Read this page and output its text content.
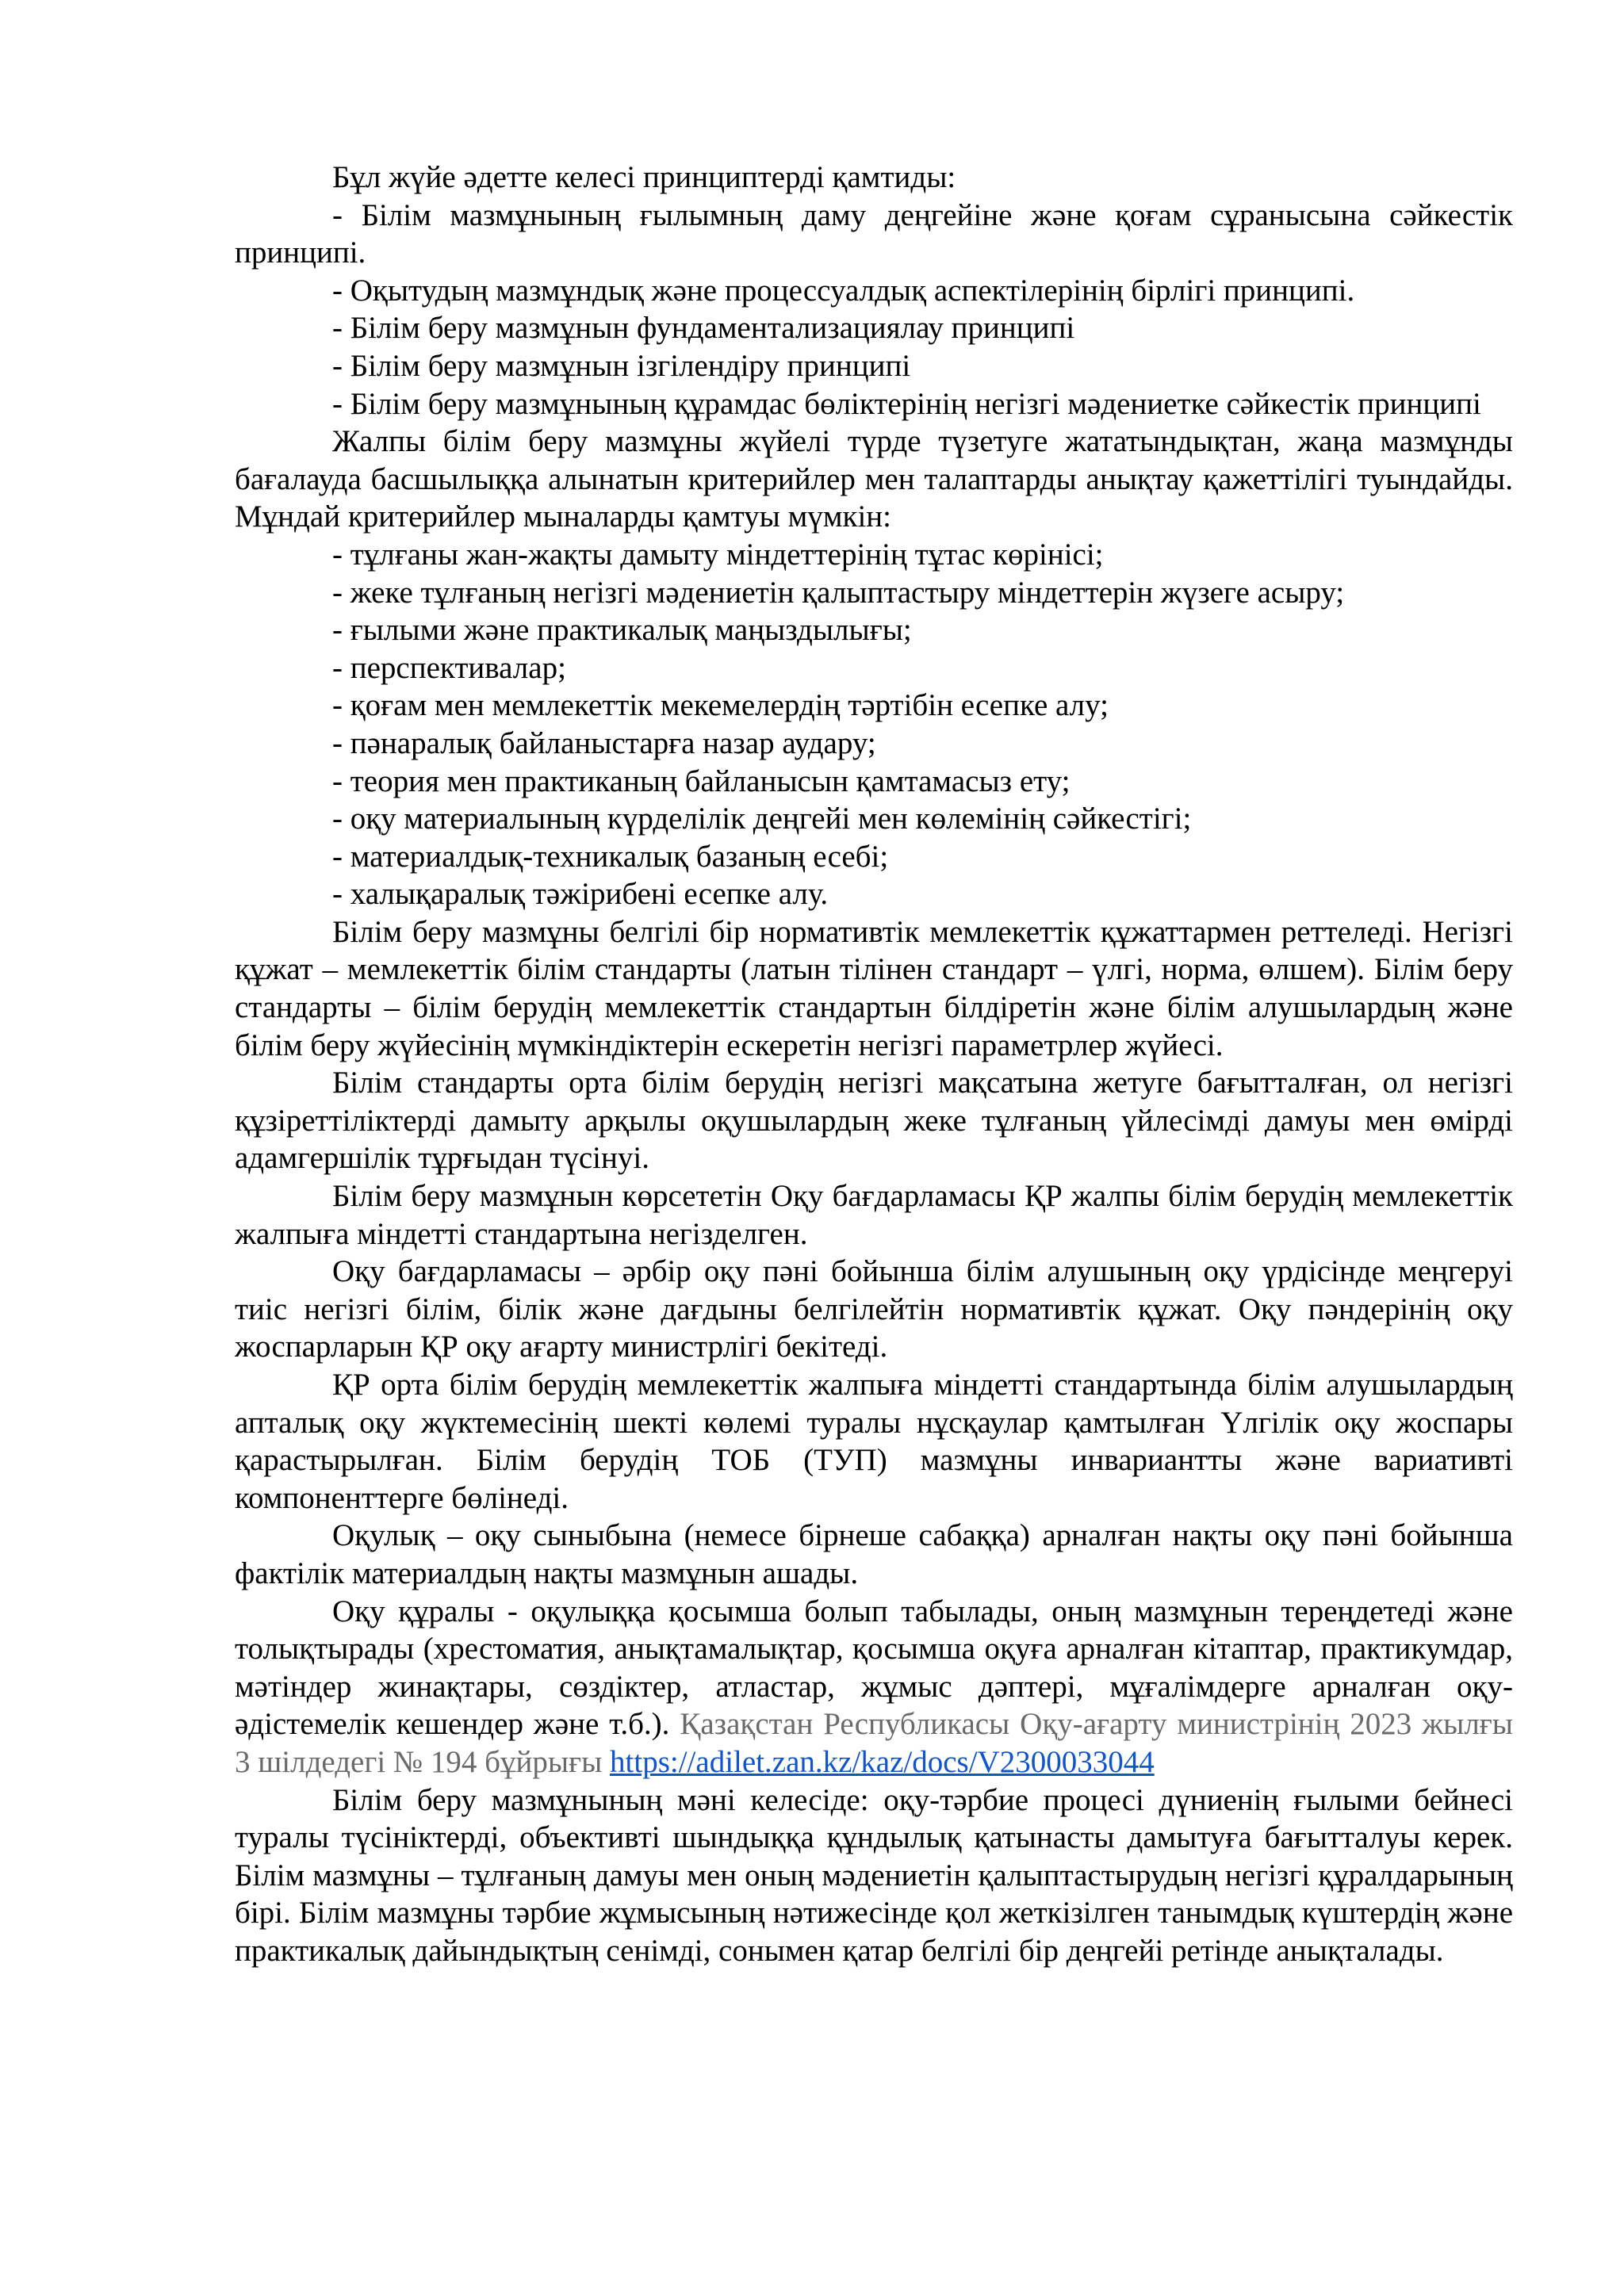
Бұл жүйе әдетте келесі принциптерді қамтиды:

- Білім мазмұнының ғылымның даму деңгейіне және қоғам сұранысына сәйкестік принципі.

- Оқытудың мазмұндық және процессуалдық аспектілерінің бірлігі принципі.

- Білім беру мазмұнын фундаментализациялау принципі

- Білім беру мазмұнын ізгілендіру принципі

- Білім беру мазмұнының құрамдас бөліктерінің негізгі мәдениетке сәйкестік принципі

Жалпы білім беру мазмұны жүйелі түрде түзетуге жататындықтан, жаңа мазмұнды бағалауда басшылыққа алынатын критерийлер мен талаптарды анықтау қажеттілігі туындайды. Мұндай критерийлер мыналарды қамтуы мүмкін:

- тұлғаны жан-жақты дамыту міндеттерінің тұтас көрінісі;

- жеке тұлғаның негізгі мәдениетін қалыптастыру міндеттерін жүзеге асыру;

- ғылыми және практикалық маңыздылығы;

- перспективалар;

- қоғам мен мемлекеттік мекемелердің тәртібін есепке алу;

- пәнаралық байланыстарға назар аудару;

- теория мен практиканың байланысын қамтамасыз ету;

- оқу материалының күрделілік деңгейі мен көлемінің сәйкестігі;

- материалдық-техникалық базаның есебі;

- халықаралық тәжірибені есепке алу.

Білім беру мазмұны белгілі бір нормативтік мемлекеттік құжаттармен реттеледі. Негізгі құжат – мемлекеттік білім стандарты (латын тілінен стандарт – үлгі, норма, өлшем). Білім беру стандарты – білім берудің мемлекеттік стандартын білдіретін және білім алушылардың және білім беру жүйесінің мүмкіндіктерін ескеретін негізгі параметрлер жүйесі.

Білім стандарты орта білім берудің негізгі мақсатына жетуге бағытталған, ол негізгі құзіреттіліктерді дамыту арқылы оқушылардың жеке тұлғаның үйлесімді дамуы мен өмірді адамгершілік тұрғыдан түсінуі.

Білім беру мазмұнын көрсететін Оқу бағдарламасы ҚР жалпы білім берудің мемлекеттік жалпыға міндетті стандартына негізделген.

Оқу бағдарламасы – әрбір оқу пәні бойынша білім алушының оқу үрдісінде меңгеруі тиіс негізгі білім, білік және дағдыны белгілейтін нормативтік құжат. Оқу пәндерінің оқу жоспарларын ҚР оқу ағарту министрлігі бекітеді.

ҚР орта білім берудің мемлекеттік жалпыға міндетті стандартында білім алушылардың апталық оқу жүктемесінің шекті көлемі туралы нұсқаулар қамтылған Үлгілік оқу жоспары қарастырылған. Білім берудің ТОБ (ТУП) мазмұны инвариантты және вариативті компоненттерге бөлінеді.

Оқулық – оқу сыныбына (немесе бірнеше сабаққа) арналған нақты оқу пәні бойынша фактілік материалдың нақты мазмұнын ашады.

Оқу құралы - оқулыққа қосымша болып табылады, оның мазмұнын тереңдетеді және толықтырады (хрестоматия, анықтамалықтар, қосымша оқуға арналған кітаптар, практикумдар, мәтіндер жинақтары, сөздіктер, атластар, жұмыс дәптері, мұғалімдерге арналған оқу-әдістемелік кешендер және т.б.). Қазақстан Республикасы Оқу-ағарту министрінің 2023 жылғы 3 шілдедегі № 194 бұйрығы https://adilet.zan.kz/kaz/docs/V2300033044

Білім беру мазмұнының мәні келесіде: оқу-тәрбие процесі дүниенің ғылыми бейнесі туралы түсініктерді, объективті шындыққа құндылық қатынасты дамытуға бағытталуы керек. Білім мазмұны – тұлғаның дамуы мен оның мәдениетін қалыптастырудың негізгі құралдарының бірі. Білім мазмұны тәрбие жұмысының нәтижесінде қол жеткізілген танымдық күштердің және практикалық дайындықтың сенімді, сонымен қатар белгілі бір деңгейі ретінде анықталады.
